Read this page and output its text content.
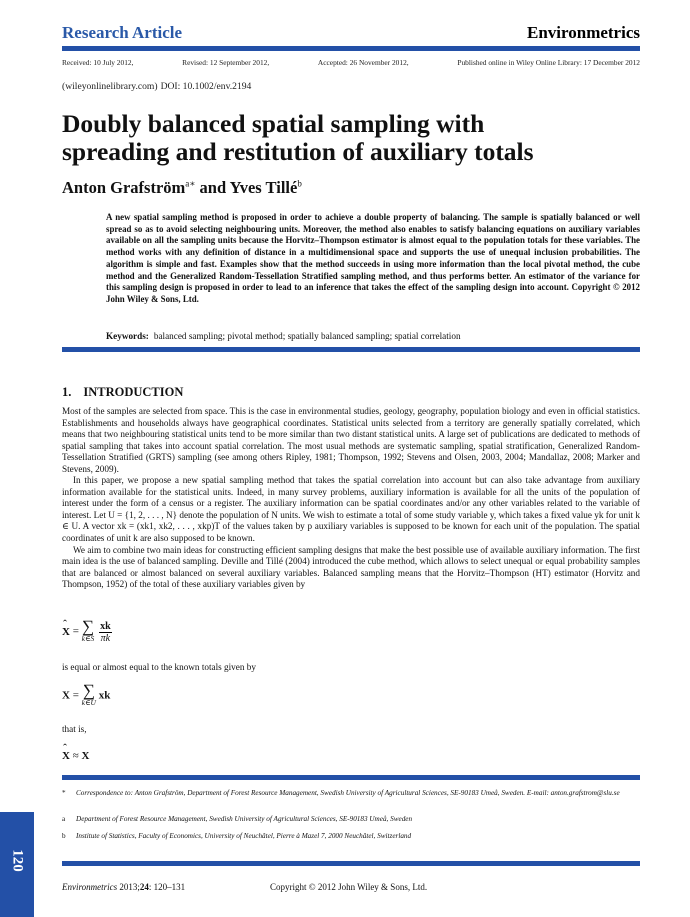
Research Article	Environmetrics
Received: 10 July 2012,	Revised: 12 September 2012,	Accepted: 26 November 2012,	Published online in Wiley Online Library: 17 December 2012
(wileyonlinelibrary.com) DOI: 10.1002/env.2194
Doubly balanced spatial sampling with
spreading and restitution of auxiliary totals
Anton Grafström$^{a∗}$ and Yves Tillé$^b$
A new spatial sampling method is proposed in order to achieve a double property of balancing. The sample is spatially balanced or well spread so as to avoid selecting neighbouring units. Moreover, the method also enables to satisfy balancing equations on auxiliary variables available on all the sampling units because the Horvitz–Thompson estimator is almost equal to the population totals for these variables. The method works with any definition of distance in a multidimensional space and supports the use of unequal inclusion probabilities. The algorithm is simple and fast. Examples show that the method succeeds in using more information than the local pivotal method, the cube method and the Generalized Random-Tessellation Stratified sampling method, and thus performs better. An estimator of the variance for this sampling design is proposed in order to lead to an inference that takes the effect of the sampling design into account. Copyright © 2012 John Wiley & Sons, Ltd.
Keywords: balanced sampling; pivotal method; spatially balanced sampling; spatial correlation
1. INTRODUCTION

Most of the samples are selected from space. This is the case in environmental studies, geology, geography, population biology and even in official statistics. Establishments and households always have geographical coordinates. Statistical units selected from a territory are generally spatially correlated, which means that two neighbouring statistical units tend to be more similar than two distant statistical units. A large set of publications are dedicated to methods of spatial sampling that takes into account spatial correlation. The most usual methods are systematic sampling, spatial stratification, Generalized Random-Tessellation Stratified (GRTS) sampling (see among others Ripley, 1981; Thompson, 1992; Stevens and Olsen, 2003, 2004; Mandallaz, 2008; Marker and Stevens, 2009).

In this paper, we propose a new spatial sampling method that takes the spatial correlation into account but can also take advantage from auxiliary information available for the statistical units. Indeed, in many survey problems, auxiliary information is available for all the units of the population of interest under the form of a census or a register. The auxiliary information can be spatial coordinates and/or any other variables related to the variable of interest. Let U = {1, 2, . . . , N} denote the population of N units. We wish to estimate a total of some study variable y, which takes a fixed value yk for unit k ∈ U. A vector xk = (xk1, xk2, . . . , xkp)T of the values taken by p auxiliary variables is supposed to be known for each unit of the population. The spatial coordinates of unit k are also supposed to be known.

We aim to combine two main ideas for constructing efficient sampling designs that make the best possible use of available auxiliary information. The first main idea is the use of balanced sampling. Deville and Tillé (2004) introduced the cube method, which allows to select unequal or equal probability samples that are balanced or almost balanced on several auxiliary variables. Balanced sampling means that the Horvitz–Thompson (HT) estimator (Horvitz and Thompson, 1952) of the total of these auxiliary variables given by

ˆ X = ∑
k∈S
$\frac{xk}{\pi k}$
is equal or almost equal to the known totals given by
X = ∑
k∈U
xk
that is,
ˆ X ≈ X
* Correspondence to: Anton Grafström, Department of Forest Resource Management, Swedish University of Agricultural Sciences, SE-90183 Umeå, Sweden. E-mail: anton.grafstrom@slu.se
a Department of Forest Resource Management, Swedish University of Agricultural Sciences, SE-90183 Umeå, Sweden
b Institute of Statistics, Faculty of Economics, University of Neuchâtel, Pierre à Mazel 7, 2000 Neuchâtel, Switzerland
120
Environmetrics 2013;24: 120–131	Copyright © 2012 John Wiley & Sons, Ltd.
